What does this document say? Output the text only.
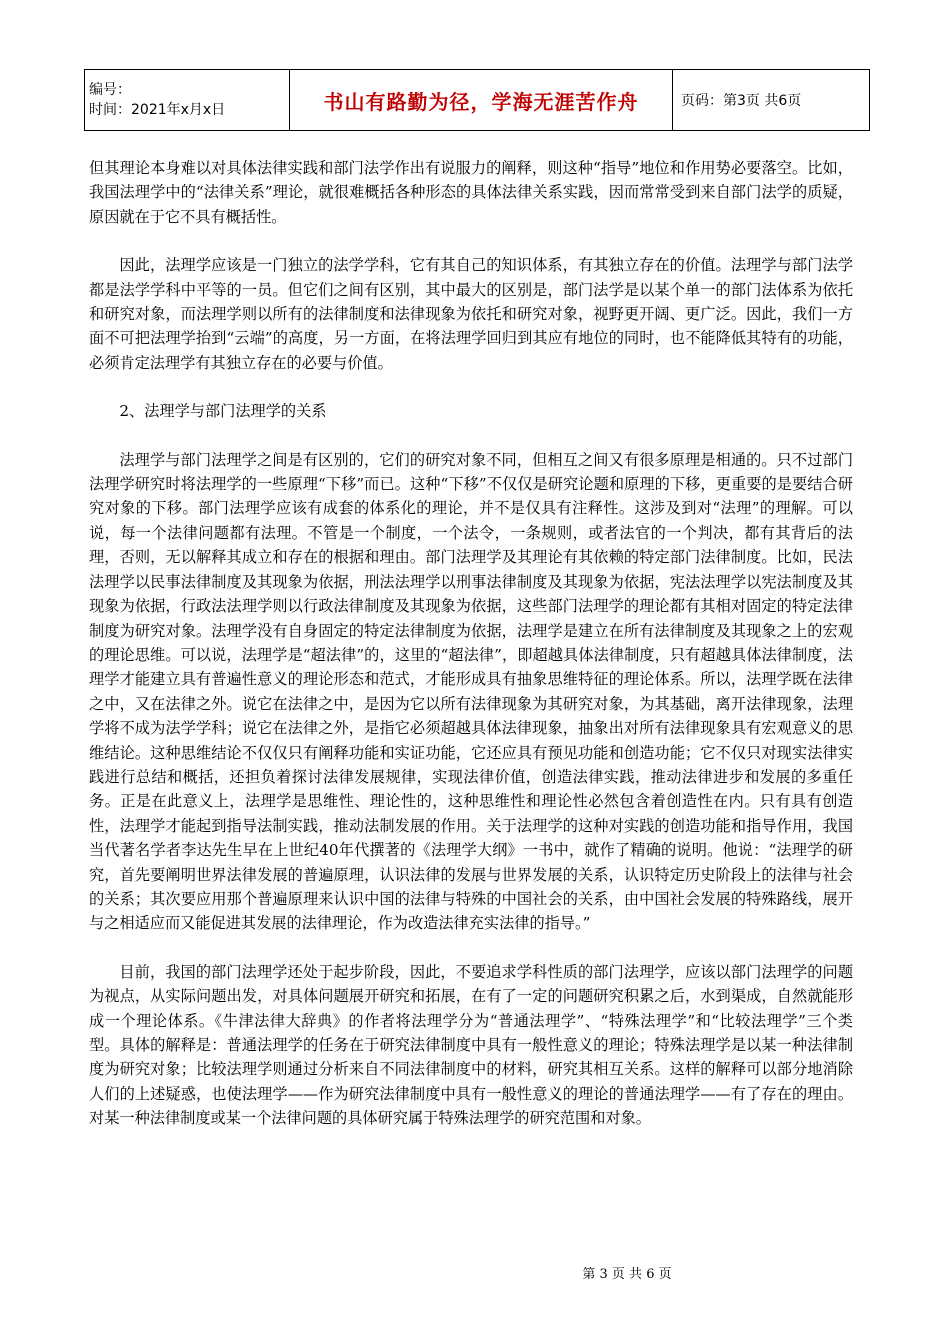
编号：
时间：2021年x月x日	书山有路勤为径，学海无涯苦作舟	页码：第3页 共6页

但其理论本身难以对具体法律实践和部门法学作出有说服力的阐释，则这种“指导”地位和作用势必要落空。比如，我国法理学中的“法律关系”理论，就很难概括各种形态的具体法律关系实践，因而常常受到来自部门法学的质疑，原因就在于它不具有概括性。

因此，法理学应该是一门独立的法学学科，它有其自己的知识体系，有其独立存在的价值。法理学与部门法学都是法学学科中平等的一员。但它们之间有区别，其中最大的区别是，部门法学是以某个单一的部门法体系为依托和研究对象，而法理学则以所有的法律制度和法律现象为依托和研究对象，视野更开阔、更广泛。因此，我们一方面不可把法理学抬到“云端”的高度，另一方面，在将法理学回归到其应有地位的同时，也不能降低其特有的功能，必须肯定法理学有其独立存在的必要与价值。

2、法理学与部门法理学的关系

法理学与部门法理学之间是有区别的，它们的研究对象不同，但相互之间又有很多原理是相通的。只不过部门法理学研究时将法理学的一些原理“下移”而已。这种“下移”不仅仅是研究论题和原理的下移，更重要的是要结合研究对象的下移。部门法理学应该有成套的体系化的理论，并不是仅具有注释性。这涉及到对“法理”的理解。可以说，每一个法律问题都有法理。不管是一个制度，一个法令，一条规则，或者法官的一个判决，都有其背后的法理，否则，无以解释其成立和存在的根据和理由。部门法理学及其理论有其依赖的特定部门法律制度。比如，民法法理学以民事法律制度及其现象为依据，刑法法理学以刑事法律制度及其现象为依据，宪法法理学以宪法制度及其现象为依据，行政法法理学则以行政法律制度及其现象为依据，这些部门法理学的理论都有其相对固定的特定法律制度为研究对象。法理学没有自身固定的特定法律制度为依据，法理学是建立在所有法律制度及其现象之上的宏观的理论思维。可以说，法理学是“超法律”的，这里的“超法律”，即超越具体法律制度，只有超越具体法律制度，法理学才能建立具有普遍性意义的理论形态和范式，才能形成具有抽象思维特征的理论体系。所以，法理学既在法律之中，又在法律之外。说它在法律之中，是因为它以所有法律现象为其研究对象，为其基础，离开法律现象，法理学将不成为法学学科；说它在法律之外，是指它必须超越具体法律现象，抽象出对所有法律现象具有宏观意义的思维结论。这种思维结论不仅仅只有阐释功能和实证功能，它还应具有预见功能和创造功能；它不仅只对现实法律实践进行总结和概括，还担负着探讨法律发展规律，实现法律价值，创造法律实践，推动法律进步和发展的多重任务。正是在此意义上，法理学是思维性、理论性的，这种思维性和理论性必然包含着创造性在内。只有具有创造性，法理学才能起到指导法制实践，推动法制发展的作用。关于法理学的这种对实践的创造功能和指导作用，我国当代著名学者李达先生早在上世纪40年代撰著的《法理学大纲》一书中，就作了精确的说明。他说：“法理学的研究，首先要阐明世界法律发展的普遍原理，认识法律的发展与世界发展的关系，认识特定历史阶段上的法律与社会的关系；其次要应用那个普遍原理来认识中国的法律与特殊的中国社会的关系，由中国社会发展的特殊路线，展开与之相适应而又能促进其发展的法律理论，作为改造法律充实法律的指导。”

目前，我国的部门法理学还处于起步阶段，因此，不要追求学科性质的部门法理学，应该以部门法理学的问题为视点，从实际问题出发，对具体问题展开研究和拓展，在有了一定的问题研究积累之后，水到渠成，自然就能形成一个理论体系。《牛津法律大辞典》的作者将法理学分为“普通法理学”、“特殊法理学”和“比较法理学”三个类型。具体的解释是：普通法理学的任务在于研究法律制度中具有一般性意义的理论；特殊法理学是以某一种法律制度为研究对象；比较法理学则通过分析来自不同法律制度中的材料，研究其相互关系。这样的解释可以部分地消除人们的上述疑惑，也使法理学——作为研究法律制度中具有一般性意义的理论的普通法理学——有了存在的理由。对某一种法律制度或某一个法律问题的具体研究属于特殊法理学的研究范围和对象。

第 3 页 共 6 页
